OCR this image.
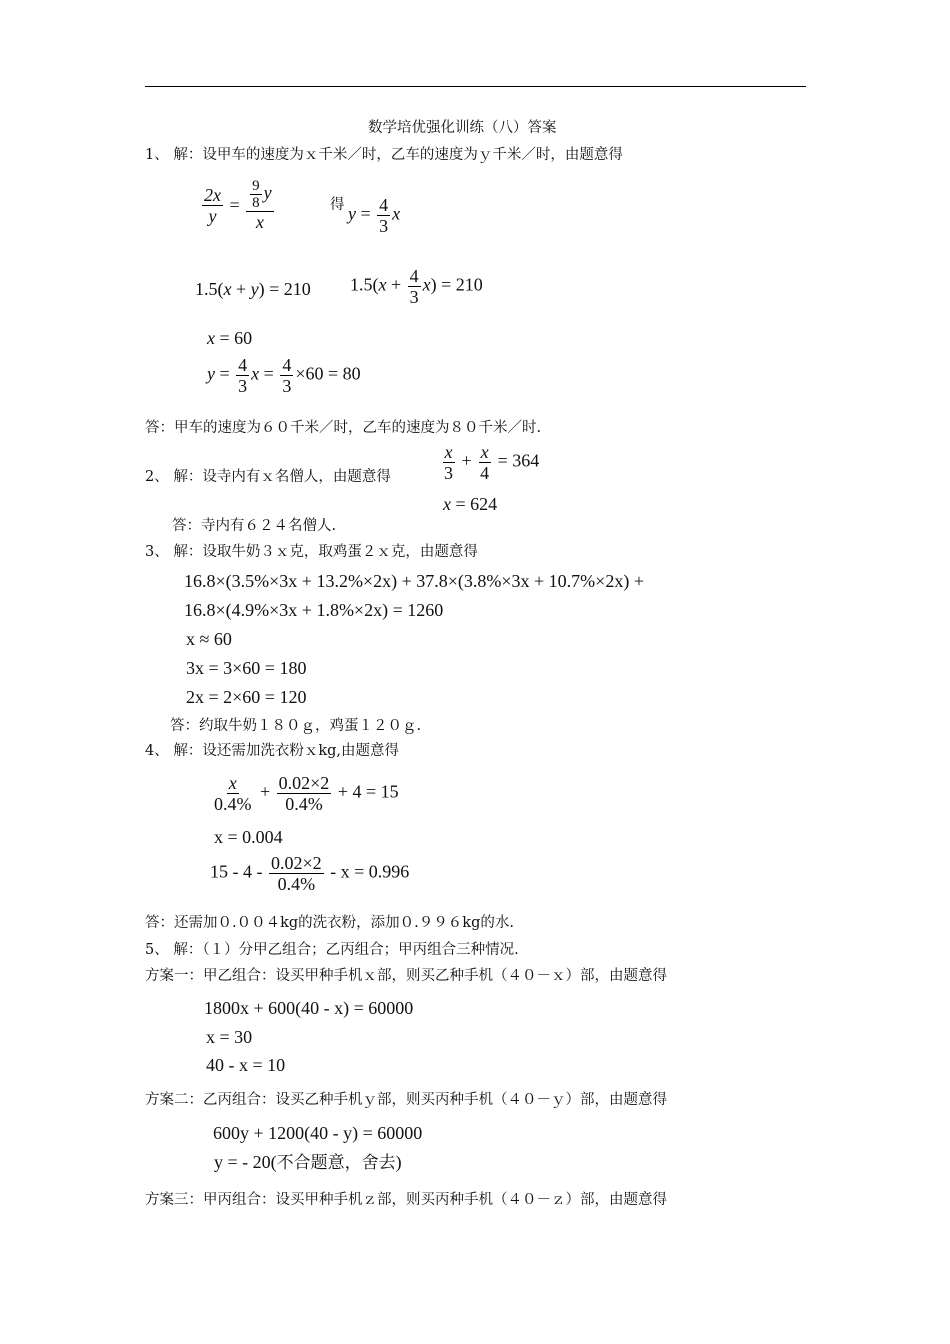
数学培优强化训练（八）答案
1、 解：设甲车的速度为ｘ千米／时，乙车的速度为ｙ千米／时，由题意得
$\frac{2x}{y} = \frac{\frac{9}{8} y}{x}$	得 $y = \frac{4}{3}$ x
1.5(x + y) = 210 $1.5(x + \frac{4}{3} x) = 210$
x = 60
$y = \frac{4}{3}$ $x = \frac{4}{3} \times 60 = 80$
答：甲车的速度为６０千米／时，乙车的速度为８０千米／时.
2、 解：设寺内有ｘ名僧人，由题意得	$\frac{x}{3} + \frac{x}{4} = 364$
x = 624
答：寺内有６２４名僧人.
3、 解：设取牛奶３ｘ克，取鸡蛋２ｘ克，由题意得
16.8×(3.5%×3x + 13.2%×2x) + 37.8×(3.8%×3x + 10.7%×2x) +
16.8×(4.9%×3x + 1.8%×2x) = 1260
x ≈ 60
3x = 3×60 = 180
2x = 2×60 = 120
答：约取牛奶１８０ｇ，鸡蛋１２０ｇ.
4、 解：设还需加洗衣粉ｘkg,由题意得
$\frac{x}{0.4\%} + \frac{0.02\times 2}{0.4\%} + 4 = 15$
x = 0.004
$15 - 4 - \frac{0.02\times 2}{0.4\%} - x = 0.996$
答：还需加０.００４kg的洗衣粉，添加０.９９６kg的水.
5、 解：（１）分甲乙组合；乙丙组合；甲丙组合三种情况.
方案一：甲乙组合：设买甲种手机ｘ部，则买乙种手机（４０－ｘ）部，由题意得
1800x + 600(40 - x) = 60000
x = 30
40 - x = 10
方案二：乙丙组合：设买乙种手机ｙ部，则买丙种手机（４０－ｙ）部，由题意得
600y + 1200(40 - y) = 60000
y = - 20(不合题意，舍去)
方案三：甲丙组合：设买甲种手机ｚ部，则买丙种手机（４０－ｚ）部，由题意得
